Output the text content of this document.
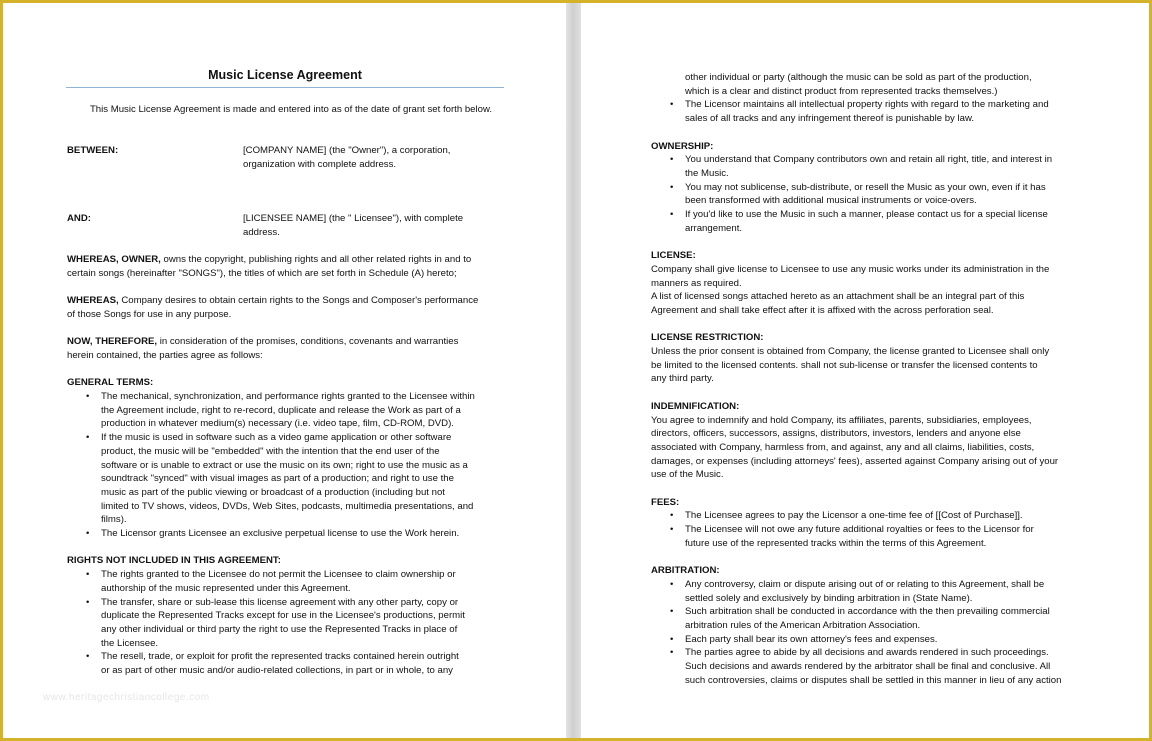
Music License Agreement
This Music License Agreement is made and entered into as of the date of grant set forth below.
BETWEEN:	[COMPANY NAME] (the "Owner"), a corporation,
organization with complete address.
AND:	[LICENSEE NAME] (the " Licensee"), with complete
address.

WHEREAS, OWNER, owns the copyright, publishing rights and all other related rights in and to
certain songs (hereinafter "SONGS"), the titles of which are set forth in Schedule (A) hereto;

WHEREAS, Company desires to obtain certain rights to the Songs and Composer's performance
of those Songs for use in any purpose.

NOW, THEREFORE, in consideration of the promises, conditions, covenants and warranties
herein contained, the parties agree as follows:

GENERAL TERMS:

• The mechanical, synchronization, and performance rights granted to the Licensee within
the Agreement include, right to re-record, duplicate and release the Work as part of a
production in whatever medium(s) necessary (i.e. video tape, film, CD-ROM, DVD).
• If the music is used in software such as a video game application or other software
product, the music will be "embedded" with the intention that the end user of the
software or is unable to extract or use the music on its own; right to use the music as a
soundtrack "synced" with visual images as part of a production; and right to use the
music as part of the public viewing or broadcast of a production (including but not
limited to TV shows, videos, DVDs, Web Sites, podcasts, multimedia presentations, and
films).
• The Licensor grants Licensee an exclusive perpetual license to use the Work herein.

RIGHTS NOT INCLUDED IN THIS AGREEMENT:

• The rights granted to the Licensee do not permit the Licensee to claim ownership or
authorship of the music represented under this Agreement.
• The transfer, share or sub-lease this license agreement with any other party, copy or
duplicate the Represented Tracks except for use in the Licensee's productions, permit
any other individual or third party the right to use the Represented Tracks in place of
the Licensee.
• The resell, trade, or exploit for profit the represented tracks contained herein outright
or as part of other music and/or audio-related collections, in part or in whole, to any
www.heritagechristiancollege.com
other individual or party (although the music can be sold as part of the production,
which is a clear and distinct product from represented tracks themselves.)
• The Licensor maintains all intellectual property rights with regard to the marketing and
sales of all tracks and any infringement thereof is punishable by law.

OWNERSHIP:

• You understand that Company contributors own and retain all right, title, and interest in
the Music.
• You may not sublicense, sub-distribute, or resell the Music as your own, even if it has
been transformed with additional musical instruments or voice-overs.
• If you'd like to use the Music in such a manner, please contact us for a special license
arrangement.

LICENSE:

Company shall give license to Licensee to use any music works under its administration in the
manners as required.
A list of licensed songs attached hereto as an attachment shall be an integral part of this
Agreement and shall take effect after it is affixed with the across perforation seal.

LICENSE RESTRICTION:

Unless the prior consent is obtained from Company, the license granted to Licensee shall only
be limited to the licensed contents. shall not sub-license or transfer the licensed contents to
any third party.

INDEMNIFICATION:

You agree to indemnify and hold Company, its affiliates, parents, subsidiaries, employees,
directors, officers, successors, assigns, distributors, investors, lenders and anyone else
associated with Company, harmless from, and against, any and all claims, liabilities, costs,
damages, or expenses (including attorneys' fees), asserted against Company arising out of your
use of the Music.

FEES:

• The Licensee agrees to pay the Licensor a one-time fee of [[Cost of Purchase]].
• The Licensee will not owe any future additional royalties or fees to the Licensor for
future use of the represented tracks within the terms of this Agreement.

ARBITRATION:

• Any controversy, claim or dispute arising out of or relating to this Agreement, shall be
settled solely and exclusively by binding arbitration in (State Name).
• Such arbitration shall be conducted in accordance with the then prevailing commercial
arbitration rules of the American Arbitration Association.
• Each party shall bear its own attorney's fees and expenses.
• The parties agree to abide by all decisions and awards rendered in such proceedings.
Such decisions and awards rendered by the arbitrator shall be final and conclusive. All
such controversies, claims or disputes shall be settled in this manner in lieu of any action
